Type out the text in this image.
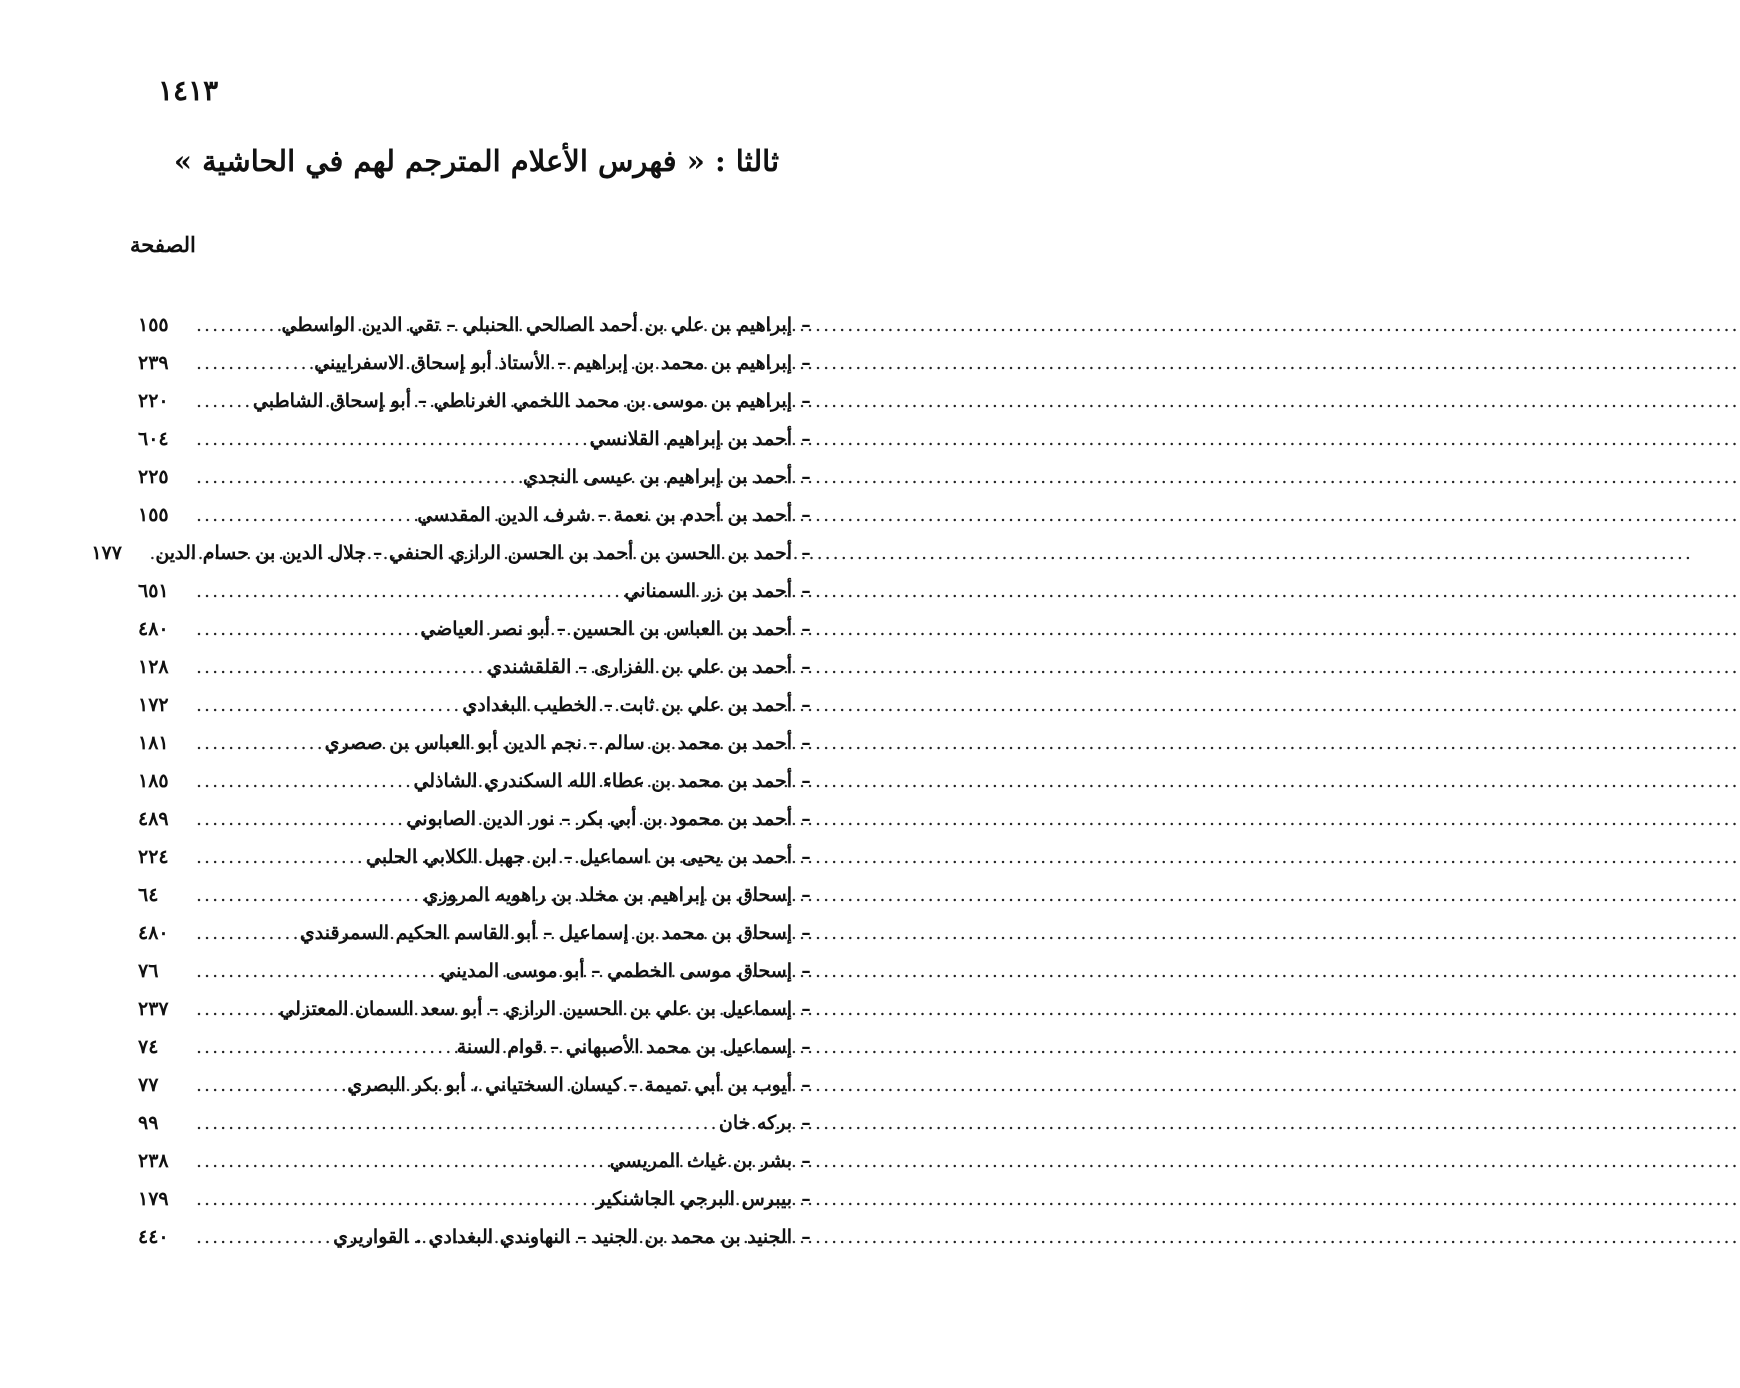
١٤١٣
ثالثا : « فهرس الأعلام المترجم لهم في الحاشية »
الصفحة
–
إبراهيم بن علي بن أحمد الصالحي الحنبلي – تقي الدين الواسطي
.....
١٥٥
–
إبراهيم بن محمد بن إبراهيم – الأستاذ أبو إسحاق الاسفراييني
.....
٢٣٩
–
إبراهيم بن موسى بن محمد اللخمي الغرناطي – أبو إسحاق الشاطبي
.....
٢٢٠
–
أحمد بن إبراهيم القلانسي
.....
٦٠٤
–
أحمد بن إبراهيم بن عيسى النجدي
.....
٢٢٥
–
أحمد بن أحدم بن نعمة – شرف الدين المقدسي
.....
١٥٥
–
أحمد بن الحسن بن أحمد بن الحسن الرازي الحنفي – جلال الدين بن حسام الدين
١٧٧
–
أحمد بن زر السمناني
.....
٦٥١
–
أحمد بن العباس بن الحسين – أبو نصر العياضي
.....
٤٨٠
–
أحمد بن علي بن الفزارى – القلقشندي
.....
١٢٨
–
أحمد بن علي بن ثابت – الخطيب البغدادي
.....
١٧٢
–
أحمد بن محمد بن سالم – نجم الدين أبو العباس بن صصري
.....
١٨١
–
أحمد بن محمد بن عطاء الله السكندري الشاذلي
.....
١٨٥
–
أحمد بن محمود بن أبي بكر – نور الدين الصابوني
.....
٤٨٩
–
أحمد بن يحيى بن اسماعيل – ابن جهبل الكلابي الحلبي
.....
٢٢٤
–
إسحاق بن إبراهيم بن مخلد بن راهويه المروزي
.....
٦٤
–
إسحاق بن محمد بن إسماعيل – أبو القاسم الحكيم السمرقندي
.....
٤٨٠
–
إسحاق موسى الخطمي – أبو موسى المديني
.....
٧٦
–
إسماعيل بن علي بن الحسين الرازي – أبو سعد السمان المعتزلي
.....
٢٣٧
–
إسماعيل بن محمد الأصبهاني – قوام السنة
.....
٧٤
–
أيوب بن أبي تميمة – كيسان السختياني ، أبو بكر البصري
.....
٧٧
–
بركه خان
.....
٩٩
–
بشر بن غياث المريسي
.....
٢٣٨
–
بيبرس البرجي الجاشنكير
.....
١٧٩
–
الجنيد بن محمد بن الجنيد – النهاوندي البغدادي . القواريري
.....
٤٤٠
